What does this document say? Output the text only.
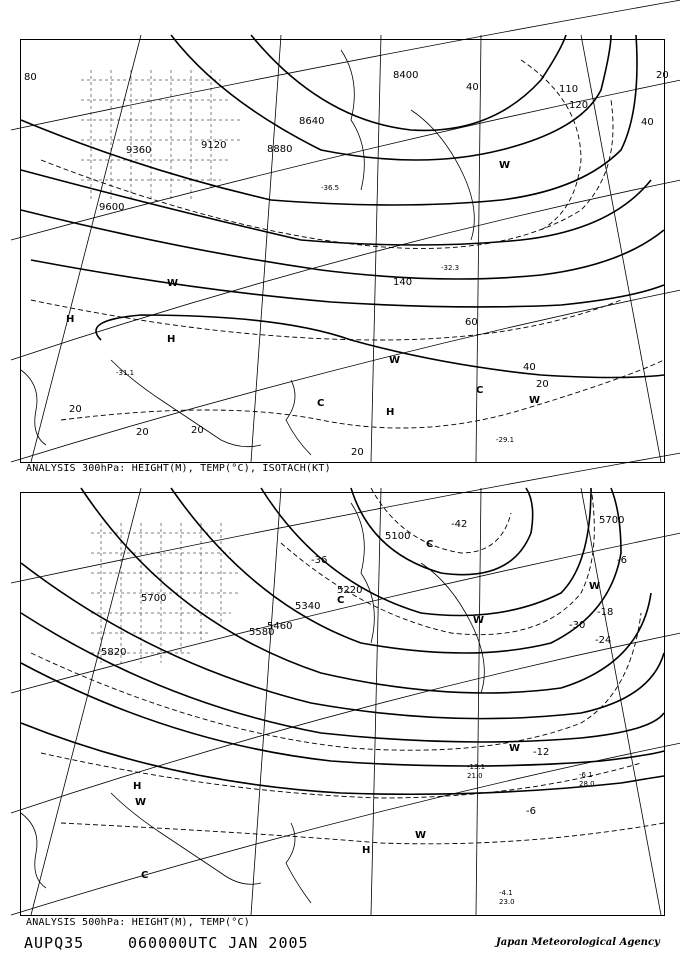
8400
8640
8880
9120
9360
9600
80
40
20
120
110
40
140
60
40
20
20
20	20
20
H
H
C
H
W
W
C
W
W
-29.1
-31.1
-36.5
-32.3
ANALYSIS 300hPa: HEIGHT(M), TEMP(°C), ISOTACH(KT)
5100
5220
5340
5460
5580
5700
5820
5700
-42
-36
-30
-24
-18
-12
-6
-6
C
C
W
H
W
W
W
H
C
W
-4.1
23.0
-6.1
28.0
-13.1
21.0
ANALYSIS 500hPa: HEIGHT(M), TEMP(°C)
AUPQ35	060000UTC JAN 2005	Japan Meteorological Agency
